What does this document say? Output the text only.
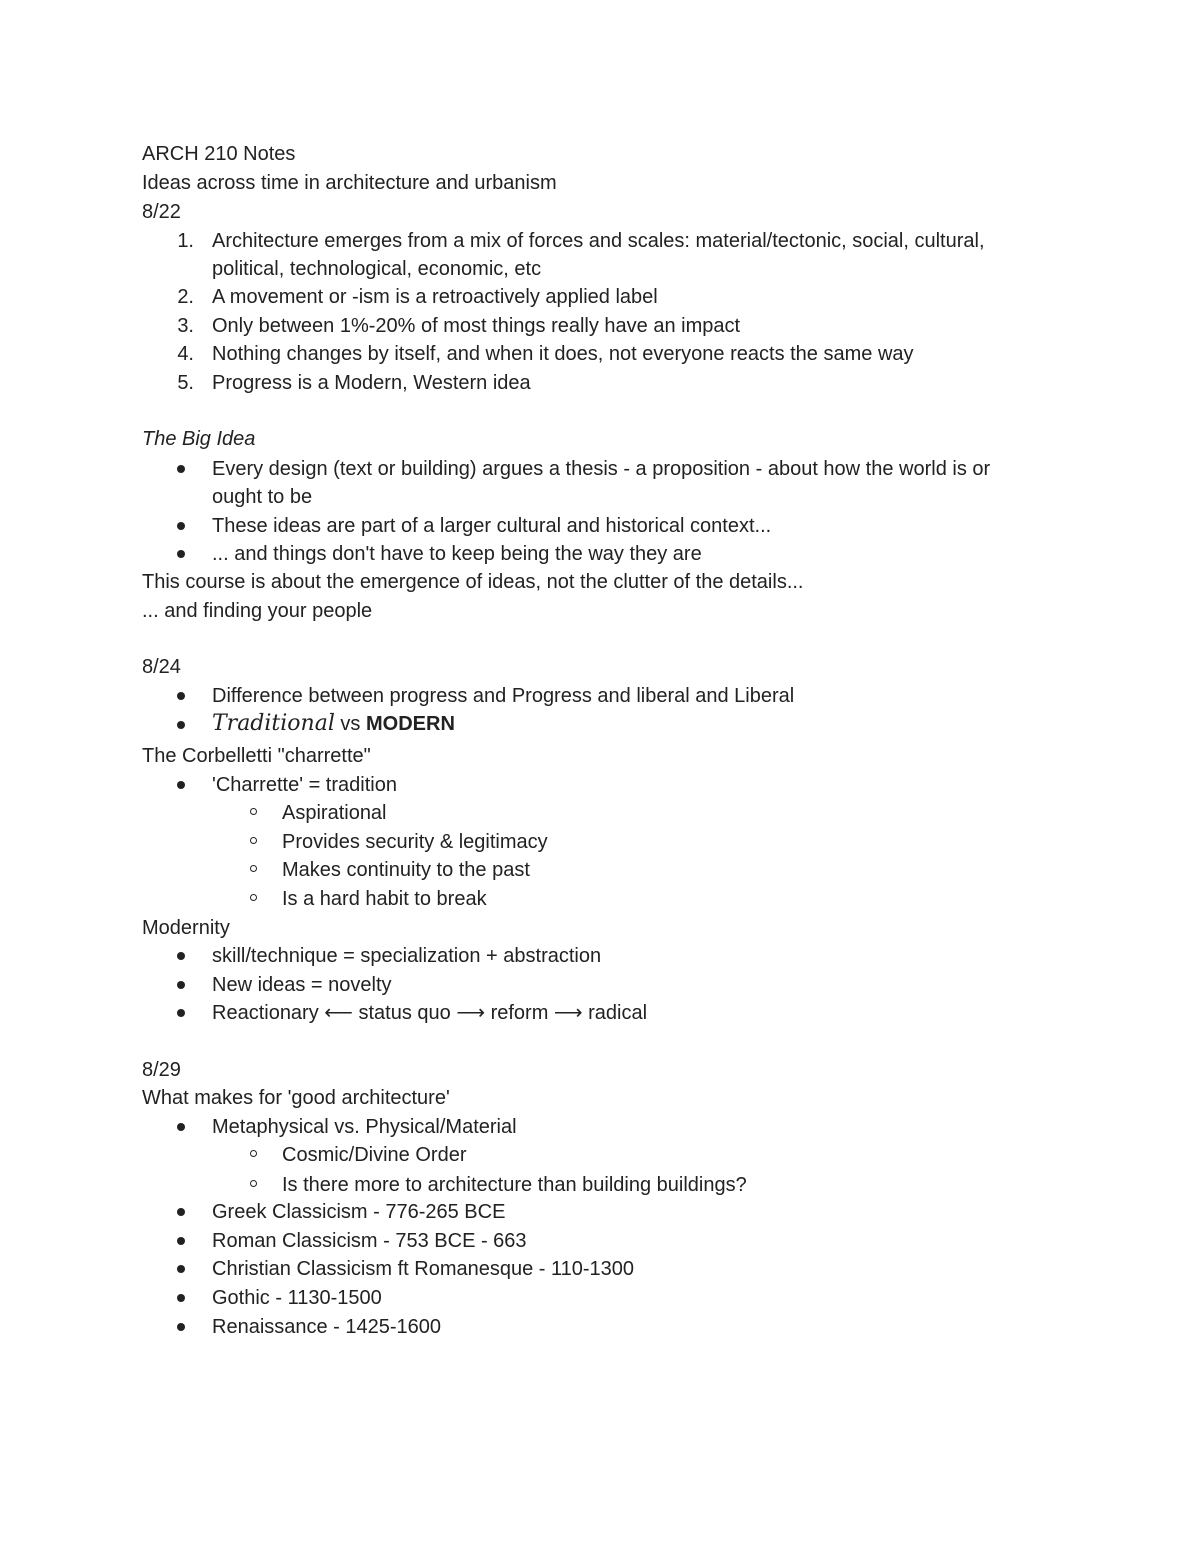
ARCH 210 Notes
Ideas across time in architecture and urbanism
8/22
1. Architecture emerges from a mix of forces and scales: material/tectonic, social, cultural,
political, technological, economic, etc
2. A movement or -ism is a retroactively applied label
3. Only between 1%-20% of most things really have an impact
4. Nothing changes by itself, and when it does, not everyone reacts the same way
5. Progress is a Modern, Western idea
The Big Idea
Every design (text or building) argues a thesis - a proposition - about how the world is or
ought to be
These ideas are part of a larger cultural and historical context...
... and things don't have to keep being the way they are
This course is about the emergence of ideas, not the clutter of the details...
... and finding your people
8/24
Difference between progress and Progress and liberal and Liberal
Traditional vs MODERN
The Corbelletti "charrette"
'Charrette' = tradition
Aspirational
Provides security & legitimacy
Makes continuity to the past
Is a hard habit to break
Modernity
skill/technique = specialization + abstraction
New ideas = novelty
Reactionary ⟵ status quo ⟶ reform ⟶ radical
8/29
What makes for 'good architecture'
Metaphysical vs. Physical/Material
Cosmic/Divine Order
Is there more to architecture than building buildings?
Greek Classicism - 776-265 BCE
Roman Classicism - 753 BCE - 663
Christian Classicism ft Romanesque - 110-1300
Gothic - 1130-1500
Renaissance - 1425-1600
